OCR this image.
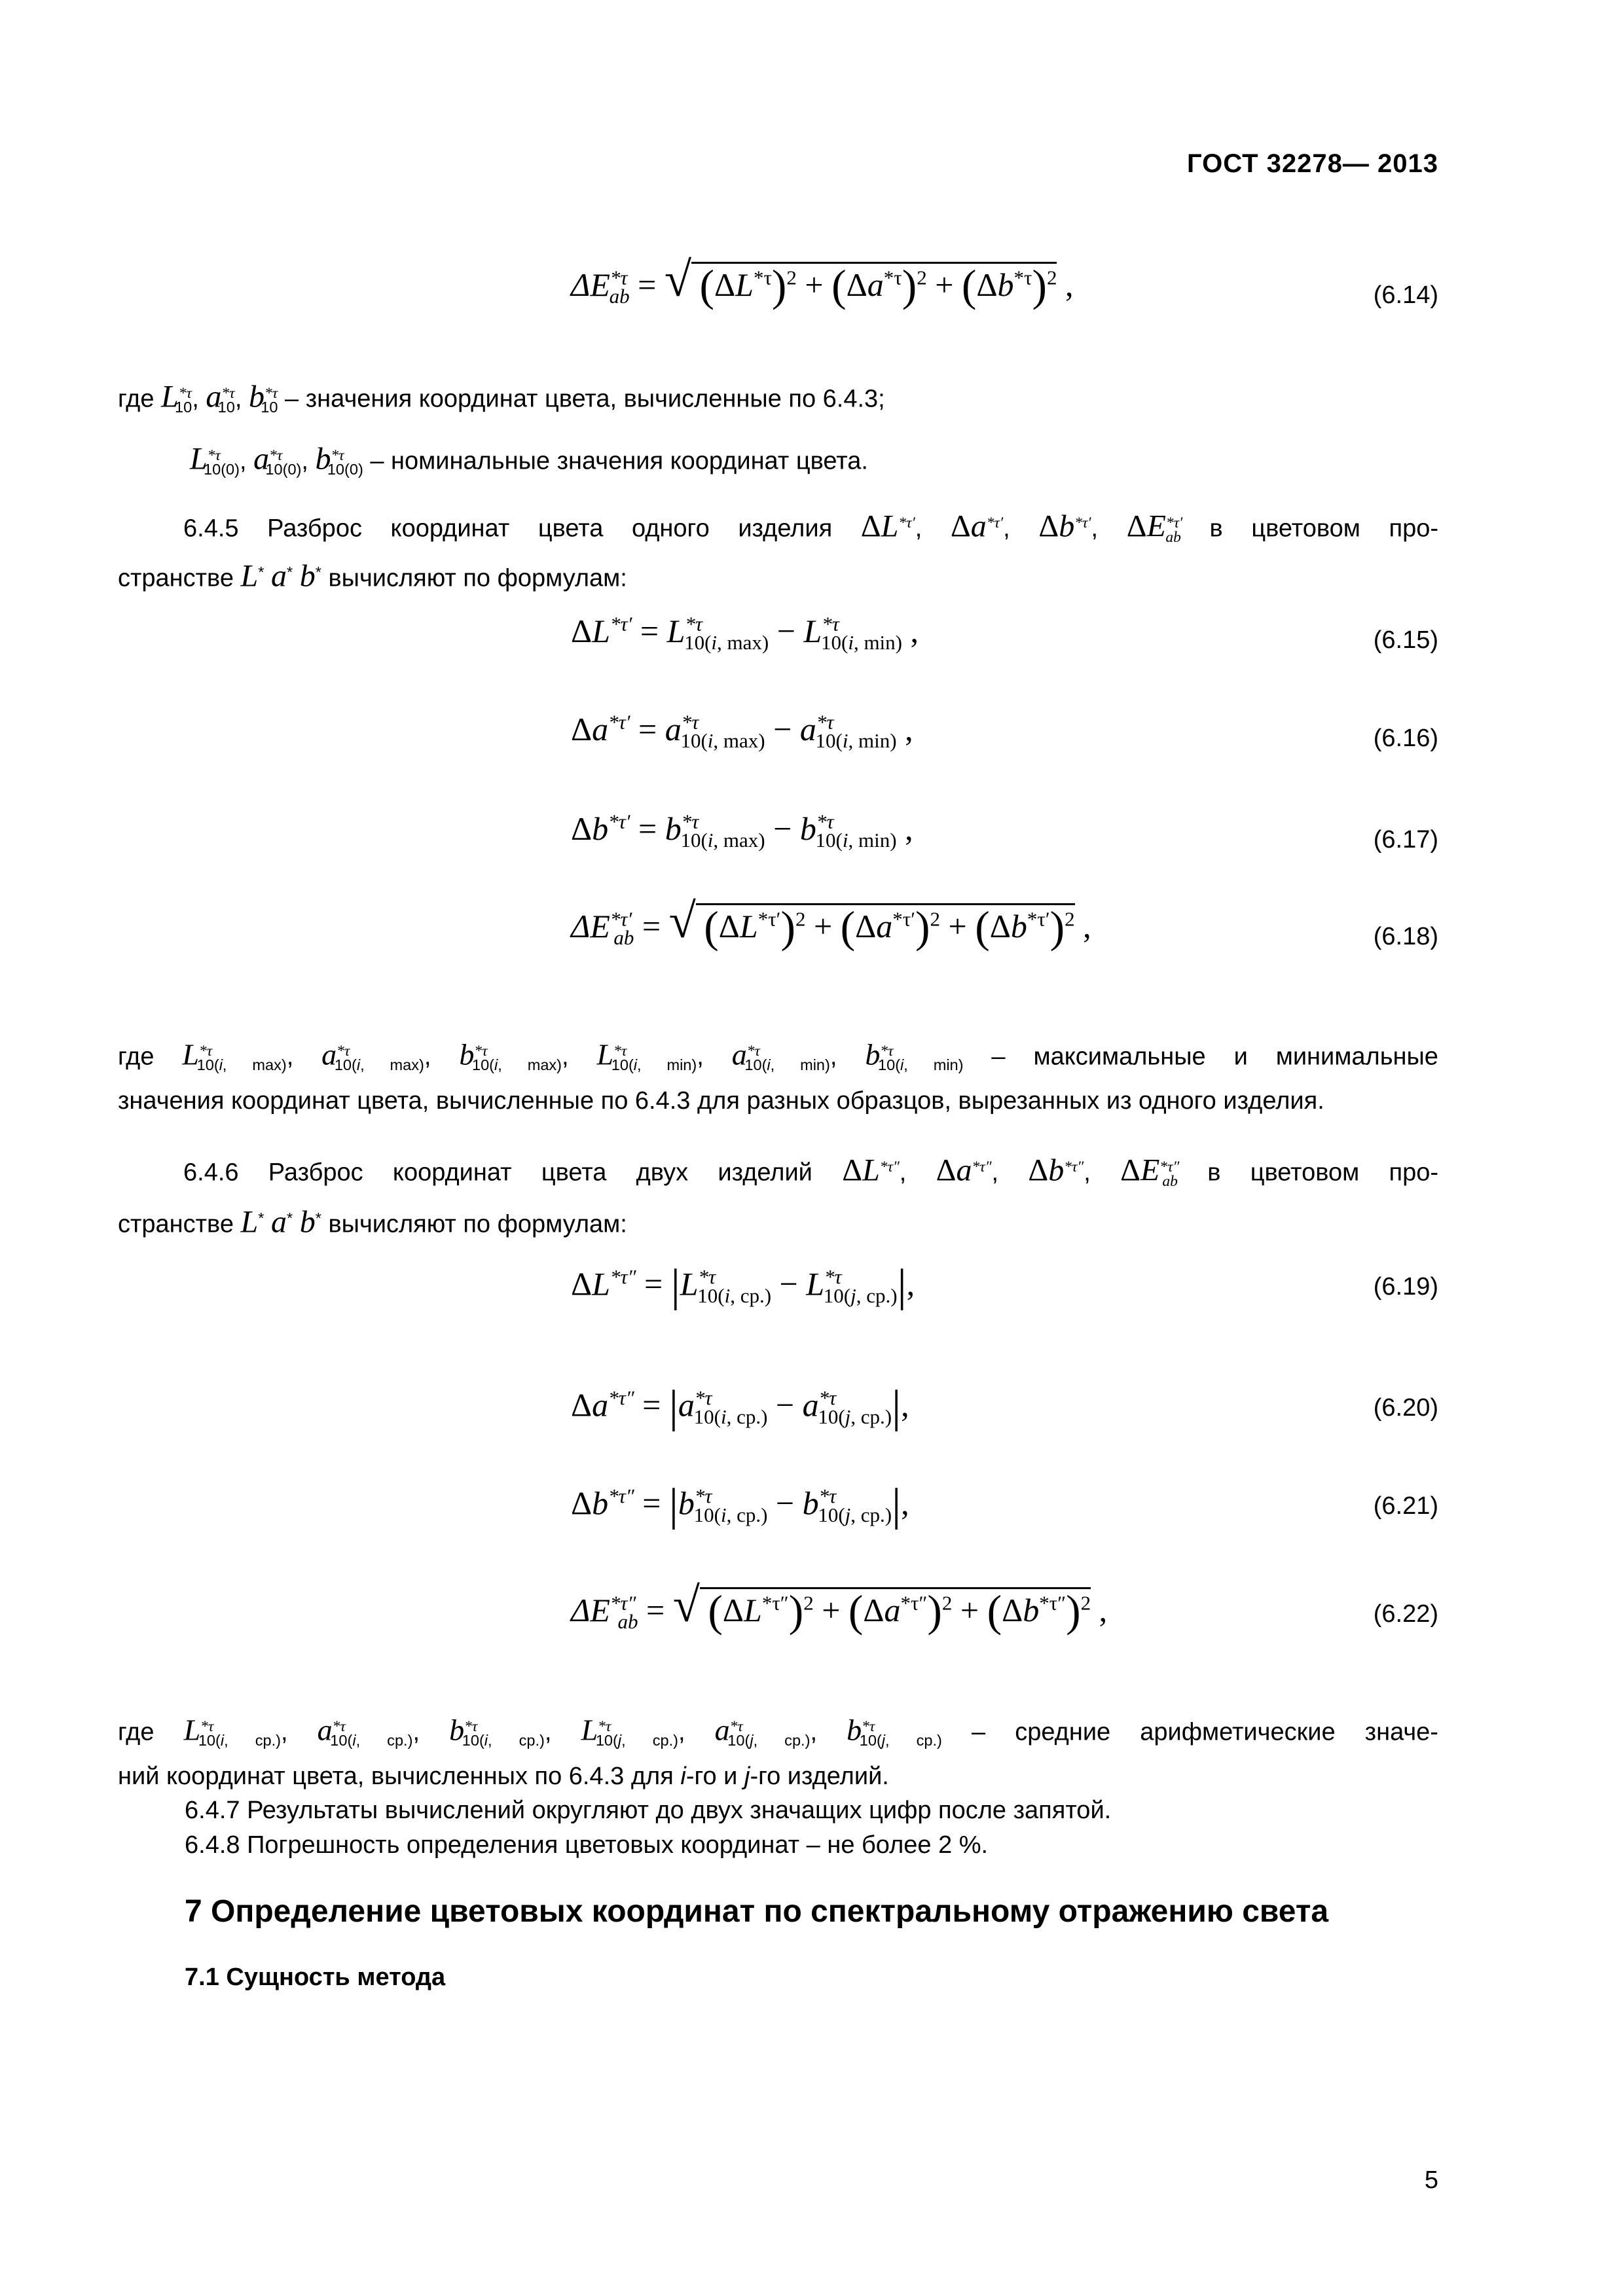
ГОСТ 32278— 2013
$\Delta E^{*\tau}_{ab}$ = √ $(\Delta L^{*\tau})^2 + (\Delta a^{*\tau})^2 + (\Delta b^{*\tau})^2$ ,	(6.14)
где $L^{*\tau}_{10}$, $a^{*\tau}_{10}$, $b^{*\tau}_{10}$ – значения координат цвета, вычисленные по 6.4.3;
$L^{*\tau}_{10(0)}$, $a^{*\tau}_{10(0)}$, $b^{*\tau}_{10(0)}$ – номинальные значения координат цвета.
6.4.5 Разброс координат цвета одного изделия $\Delta L^{*\tau'}$, $\Delta a^{*\tau'}$, $\Delta b^{*\tau'}$, $\Delta E^{*\tau'}_{ab}$ в цветовом про-
странстве L* a* b* вычисляют по формулам:
$\Delta L^{*\tau'} = L^{*\tau}_{10(i, max)} - L^{*\tau}_{10(i, min)}$ ,	(6.15)
$\Delta a^{*\tau'} = a^{*\tau}_{10(i, max)} - a^{*\tau}_{10(i, min)}$ ,	(6.16)
$\Delta b^{*\tau'} = b^{*\tau}_{10(i, max)} - b^{*\tau}_{10(i, min)}$ ,	(6.17)
$\Delta E^{*\tau'}_{ab}$ = √ $(\Delta L^{*\tau'})^2 + (\Delta a^{*\tau'})^2 + (\Delta b^{*\tau'})^2$ ,	(6.18)
где $L^{*\tau}_{10(i, max)}$, $a^{*\tau}_{10(i, max)}$, $b^{*\tau}_{10(i, max)}$, $L^{*\tau}_{10(i, min)}$, $a^{*\tau}_{10(i, min)}$, $b^{*\tau}_{10(i, min)}$ – максимальные и минимальные
значения координат цвета, вычисленные по 6.4.3 для разных образцов, вырезанных из одного изделия.
6.4.6 Разброс координат цвета двух изделий $\Delta L^{*\tau''}$, $\Delta a^{*\tau''}$, $\Delta b^{*\tau''}$, $\Delta E^{*\tau''}_{ab}$ в цветовом про-
странстве L* a* b* вычисляют по формулам:
$\Delta L^{*\tau''} = |L^{*\tau}_{10(i, ср.)} - L^{*\tau}_{10(j, ср.)}|$,	(6.19)
$\Delta a^{*\tau''} = |a^{*\tau}_{10(i, ср.)} - a^{*\tau}_{10(j, ср.)}|$,	(6.20)
$\Delta b^{*\tau''} = |b^{*\tau}_{10(i, ср.)} - b^{*\tau}_{10(j, ср.)}|$,	(6.21)
$\Delta E^{*\tau''}_{ab}$ = √ $(\Delta L^{*\tau''})^2 + (\Delta a^{*\tau''})^2 + (\Delta b^{*\tau''})^2$ ,	(6.22)
где $L^{*\tau}_{10(i, ср.)}$, $a^{*\tau}_{10(i, ср.)}$, $b^{*\tau}_{10(i, ср.)}$, $L^{*\tau}_{10(j, ср.)}$, $a^{*\tau}_{10(j, ср.)}$, $b^{*\tau}_{10(j, ср.)}$ – средние арифметические значе-
ний координат цвета, вычисленных по 6.4.3 для i-го и j-го изделий.
6.4.7 Результаты вычислений округляют до двух значащих цифр после запятой.
6.4.8 Погрешность определения цветовых координат – не более 2 %.
7 Определение цветовых координат по спектральному отражению света
7.1 Сущность метода
5
